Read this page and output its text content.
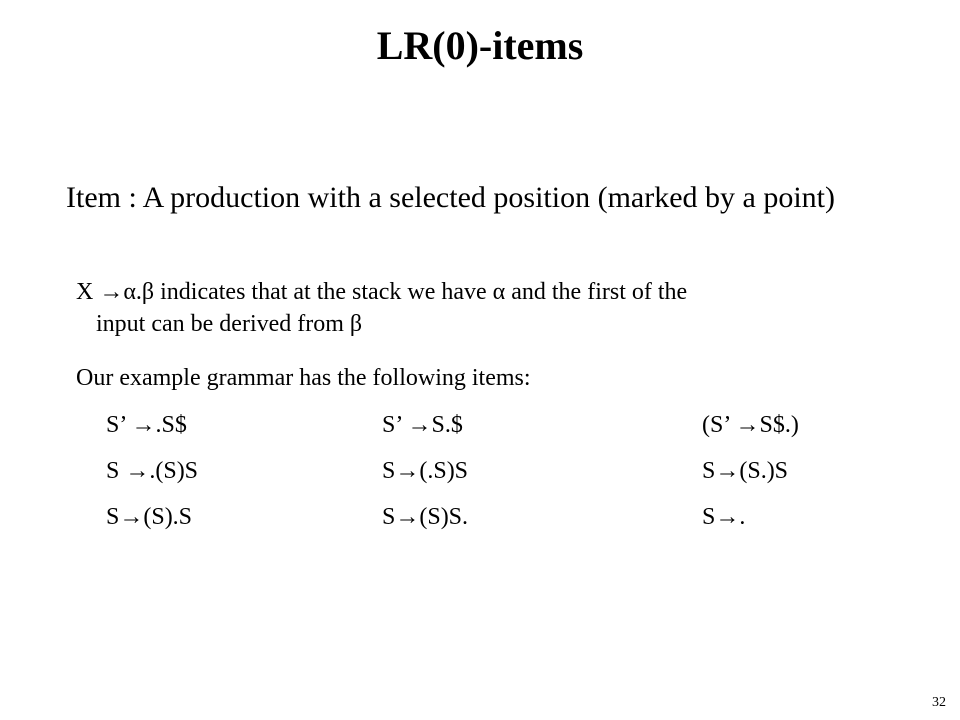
LR(0)-items
Item : A production with a selected position (marked by a point)
X →α.β indicates that at the stack we have α and the first of the
input can be derived from β
Our example grammar has the following items:
S’ →.S$	S’ →S.$	(S’ →S$.)
S →.(S)S	S→(.S)S	S→(S.)S
S→(S).S	S→(S)S.	S→.
32
